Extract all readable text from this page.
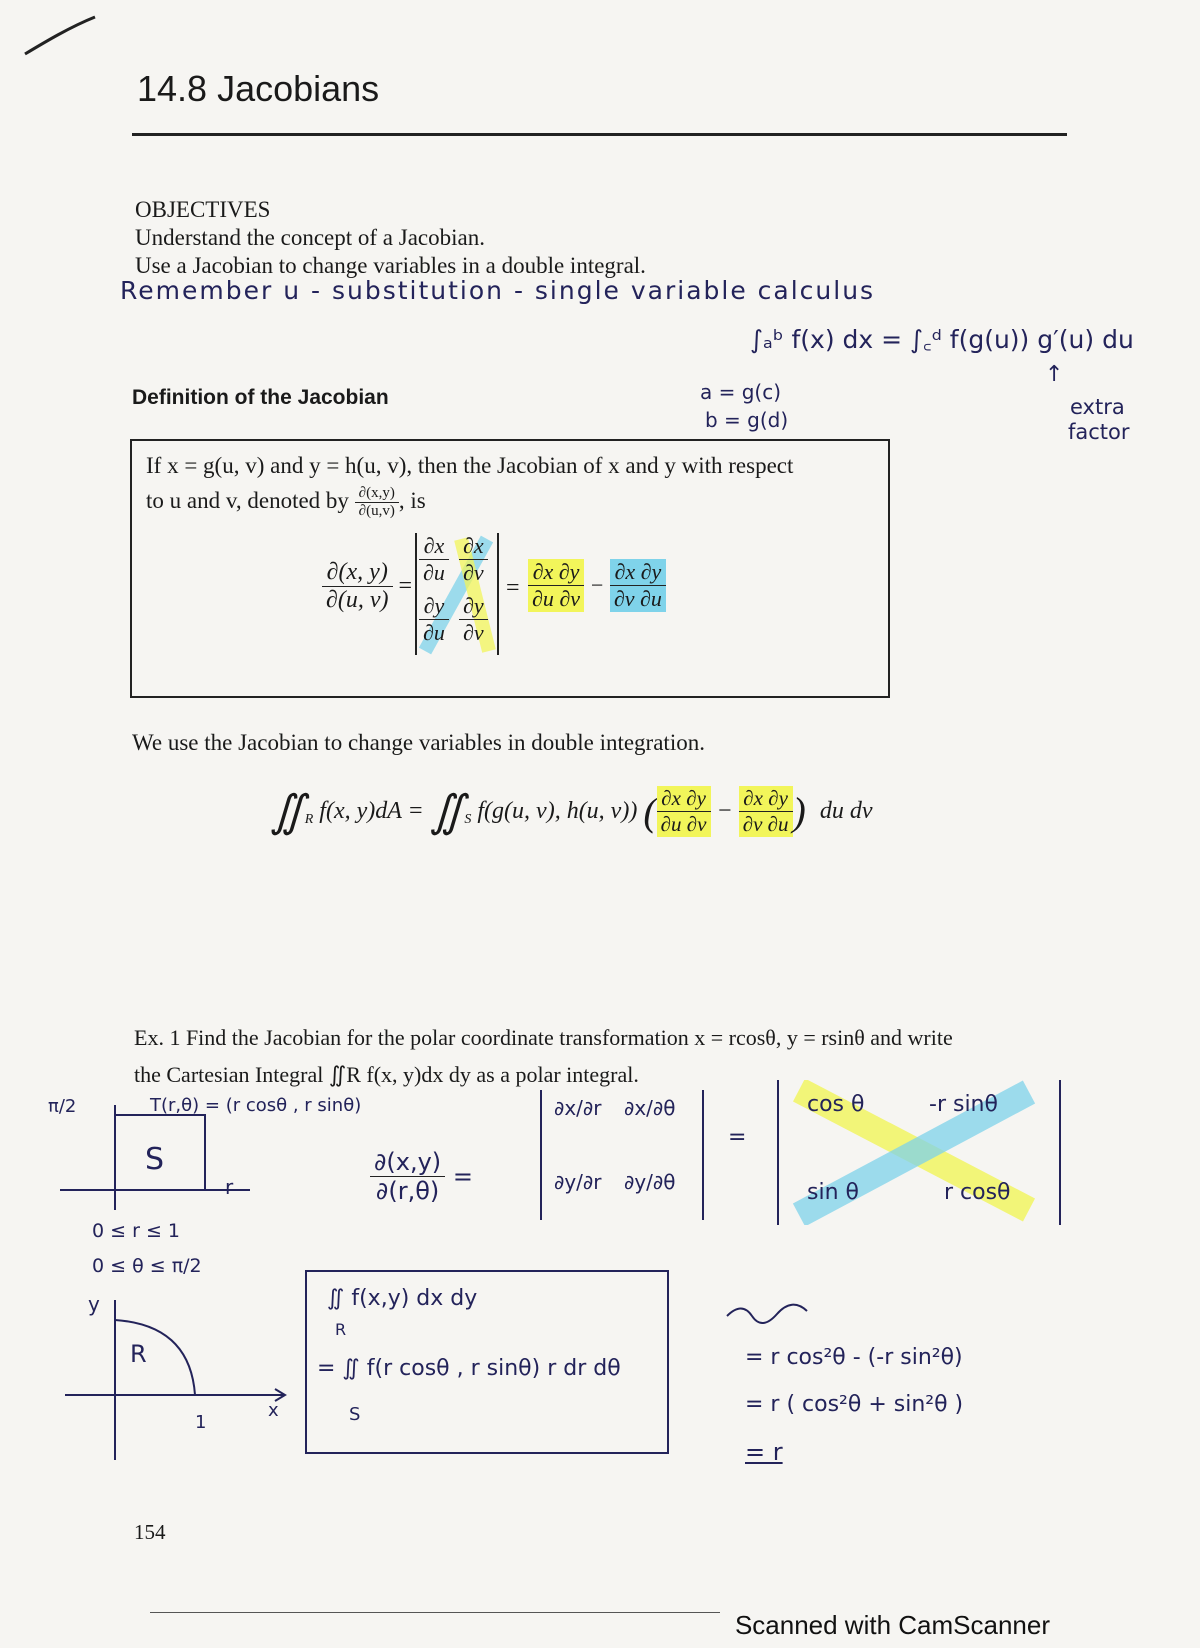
14.8 Jacobians
OBJECTIVES
Understand the concept of a Jacobian.
Use a Jacobian to change variables in a double integral.
Remember u - substitution - single variable calculus
∫ₐᵇ f(x) dx = ∫꜀ᵈ f(g(u)) g′(u) du
a = g(c)
b = g(d)
↑
extra
factor
Definition of the Jacobian
If x = g(u, v) and y = h(u, v), then the Jacobian of x and y with respect
to u and v, denoted by $\frac{\partial(x,y)}{\partial(u,v)}$ , is
$\frac{\partial(x, y)}{\partial(u, v)} = \frac{\partial x}{\partial u} \frac{\partial x}{\partial v}$
$\frac{\partial y}{\partial u} \frac{\partial y}{\partial v}$
= $\frac{\partial x \partial y}{\partial u \partial v} - \frac{\partial x \partial y}{\partial v \partial u}$
We use the Jacobian to change variables in double integration.
$∬_R$ f(x, $y)dA = ∬_S$ f(g(u, v), h(u, v)) ( $\frac{\partial x \partial y}{\partial u \partial v} - \frac{\partial x \partial y}{\partial v \partial u}$ ) du dv
Ex. 1 Find the Jacobian for the polar coordinate transformation x = rcosθ, y = rsinθ and write
the Cartesian Integral ∬R f(x, y)dx dy as a polar integral.
π/2	T(r,θ) = (r cosθ , r sinθ)
S
r
0 ≤ r ≤ 1
0 ≤ θ ≤ π/2
y
R
1
x
$\frac{\partial(x,y)}{\partial(r,\theta)}$ =
∂x/∂r ∂x/∂θ
∂y/∂r ∂y/∂θ
=
cos θ	-r sinθ
sin θ	r cosθ
∬ f(x,y) dx dy
R
= ∬ f(r cosθ , r sinθ) r dr dθ
S
= r cos²θ - (-r sin²θ)
= r ( cos²θ + sin²θ )
= r
154
Scanned with CamScanner
